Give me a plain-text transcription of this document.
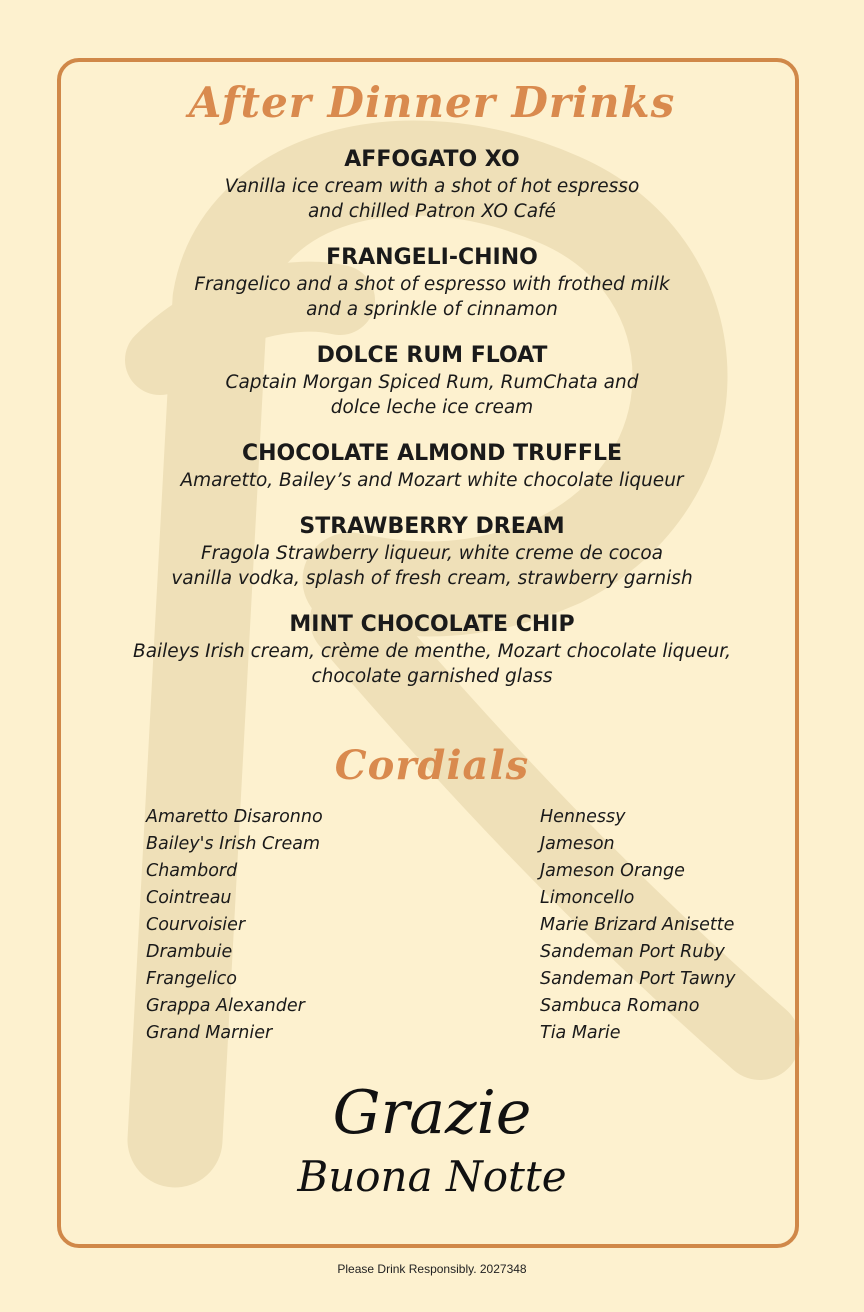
After Dinner Drinks
AFFOGATO XO
Vanilla ice cream with a shot of hot espresso
and chilled Patron XO Café
FRANGELI-CHINO
Frangelico and a shot of espresso with frothed milk
and a sprinkle of cinnamon
DOLCE RUM FLOAT
Captain Morgan Spiced Rum, RumChata and
dolce leche ice cream
CHOCOLATE ALMOND TRUFFLE
Amaretto, Bailey’s and Mozart white chocolate liqueur
STRAWBERRY DREAM
Fragola Strawberry liqueur, white creme de cocoa
vanilla vodka, splash of fresh cream, strawberry garnish
MINT CHOCOLATE CHIP
Baileys Irish cream, crème de menthe, Mozart chocolate liqueur,
chocolate garnished glass
Cordials
Amaretto Disaronno
Bailey's Irish Cream
Chambord
Cointreau
Courvoisier
Drambuie
Frangelico
Grappa Alexander
Grand Marnier
Hennessy
Jameson
Jameson Orange
Limoncello
Marie Brizard Anisette
Sandeman Port Ruby
Sandeman Port Tawny
Sambuca Romano
Tia Marie
Grazie
Buona Notte
Please Drink Responsibly. 2027348
